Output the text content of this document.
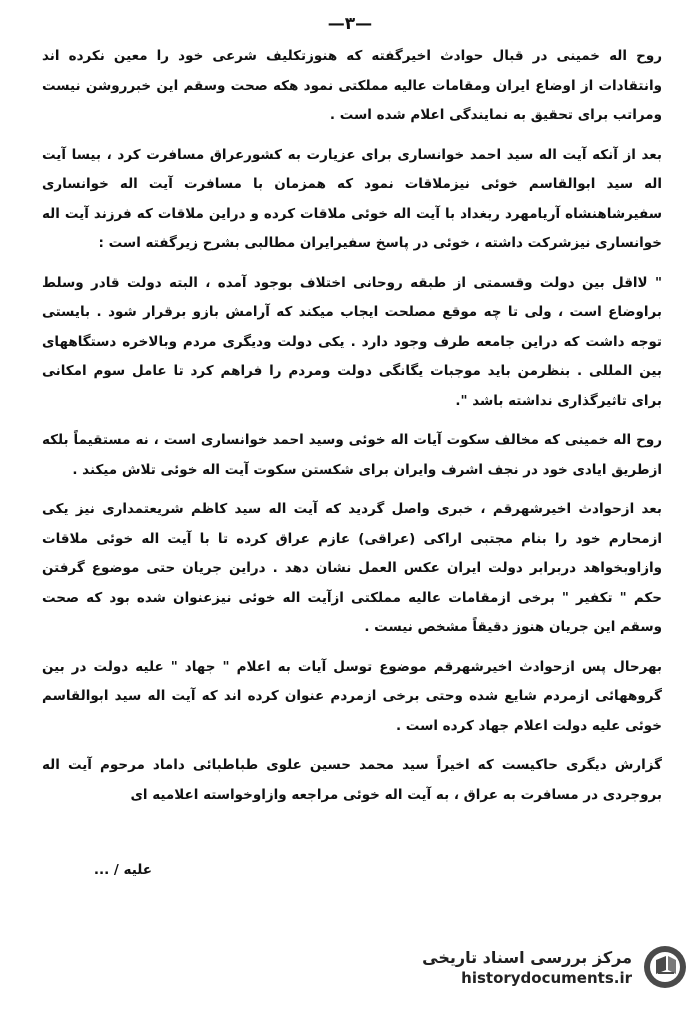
—۳—

روح اله خمینی در قبال حوادث اخیرگفته که هنوزتکلیف شرعی خود را معین نکرده اند وانتقادات از اوضاع ایران ومقامات عالیه مملکتی نمود هکه صحت وسقم این خبرروشن نیست ومراتب برای تحقیق به نمایندگی اعلام شده است .

بعد از آنکه آیت اله سید احمد خوانساری برای عزیارت به کشورعراق مسافرت کرد ، بیسا آیت اله سید ابوالقاسم خوئی نیزملاقات نمود که همزمان با مسافرت آیت اله خوانساری سفیرشاهنشاه آریامهرد ربغداد با آیت اله خوئی ملاقات کرده و دراین ملاقات که فرزند آیت اله خوانساری نیزشرکت داشته ، خوئی در پاسخ سفیرایران مطالبی بشرح زیرگفته است :

" لااقل بین دولت وقسمتی از طبقه روحانی اختلاف بوجود آمده ، البته دولت قادر وسلط براوضاع است ، ولی تا چه موقع مصلحت ایجاب میکند که آرامش بازو برقرار شود . بایستی توجه داشت که دراین جامعه طرف وجود دارد . یکی دولت ودیگری مردم وبالاخره دستگاههای بین المللی . بنظرمن باید موجبات یگانگی دولت ومردم را فراهم کرد تا عامل سوم امکانی برای تاثیرگذاری نداشته باشد ".

روح اله خمینی که مخالف سکوت آیات اله خوئی وسید احمد خوانساری است ، نه مستقیماً بلکه ازطریق ایادی خود در نجف اشرف وایران برای شکستن سکوت آیت اله خوئی تلاش میکند .

بعد ازحوادث اخیرشهرقم ، خبری واصل گردید که آیت اله سید کاظم شریعتمداری نیز یکی ازمحارم خود را بنام مجتبی اراکی (عراقی) عازم عراق کرده تا با آیت اله خوئی ملاقات وازاوبخواهد دربرابر دولت ایران عکس العمل نشان دهد . دراین جریان حتی موضوع گرفتن حکم " تکفیر " برخی ازمقامات عالیه مملکتی ازآیت اله خوئی نیزعنوان شده بود که صحت وسقم این جریان هنوز دقیقاً مشخص نیست .

بهرحال پس ازحوادث اخیرشهرقم موضوع توسل آیات به اعلام " جهاد " علیه دولت در بین گروههائی ازمردم شایع شده وحتی برخی ازمردم عنوان کرده اند که آیت اله سید ابوالقاسم خوئی علیه دولت اعلام جهاد کرده است .

گزارش دیگری حاکیست که اخیراً سید محمد حسین علوی طباطبائی داماد مرحوم آیت اله بروجردی در مسافرت به عراق ، به آیت اله خوئی مراجعه وازاوخواسته اعلامیه ای

علیه / ...
مرکز بررسی اسناد تاریخی
historydocuments.ir
